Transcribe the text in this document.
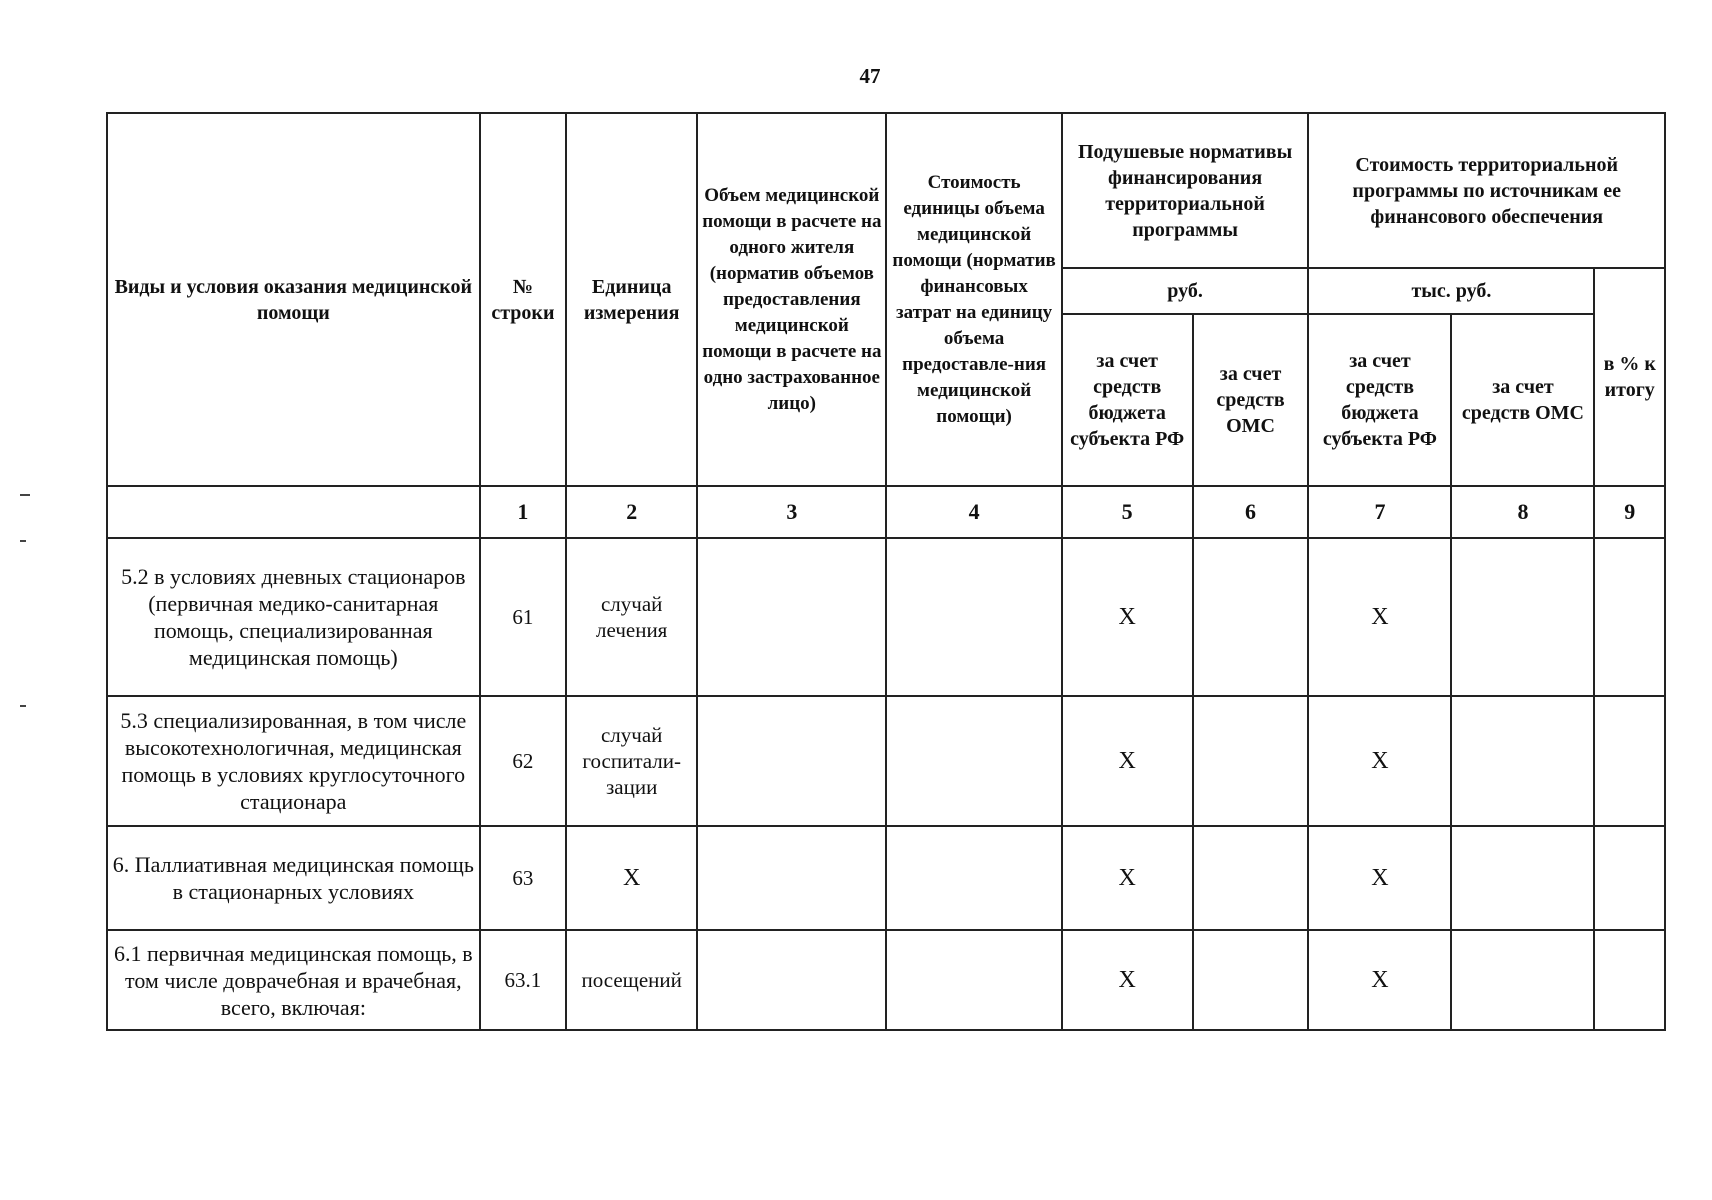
47
Виды и условия оказания медицинской помощи	№ строки	Единица измерения	Объем медицинской помощи в расчете на одного жителя (норматив объемов предоставления медицинской помощи в расчете на одно застрахованное лицо)	Стоимость единицы объема медицинской помощи (норматив финансовых затрат на единицу объема предоставле-ния медицинской помощи)	Подушевые нормативы финансирования территориальной программы		Стоимость территориальной программы по источникам ее финансового обеспечения		
					руб.		тыс. руб.		в % к итогу
					за счет средств бюджета субъекта РФ	за счет средств ОМС	за счет средств бюджета субъекта РФ	за счет средств ОМС	
	1	2	3	4	5	6	7	8	9
5.2 в условиях дневных стационаров (первичная медико-санитарная помощь, специализированная медицинская помощь)	61	случай лечения			Х		Х		
5.3 специализированная, в том числе высокотехнологичная, медицинская помощь в условиях круглосуточного стационара	62	случай госпитали-зации			Х		Х		
6. Паллиативная медицинская помощь в стационарных условиях	63	Х			Х		Х		
6.1 первичная медицинская помощь, в том числе доврачебная и врачебная, всего, включая:	63.1	посещений			Х		Х		
